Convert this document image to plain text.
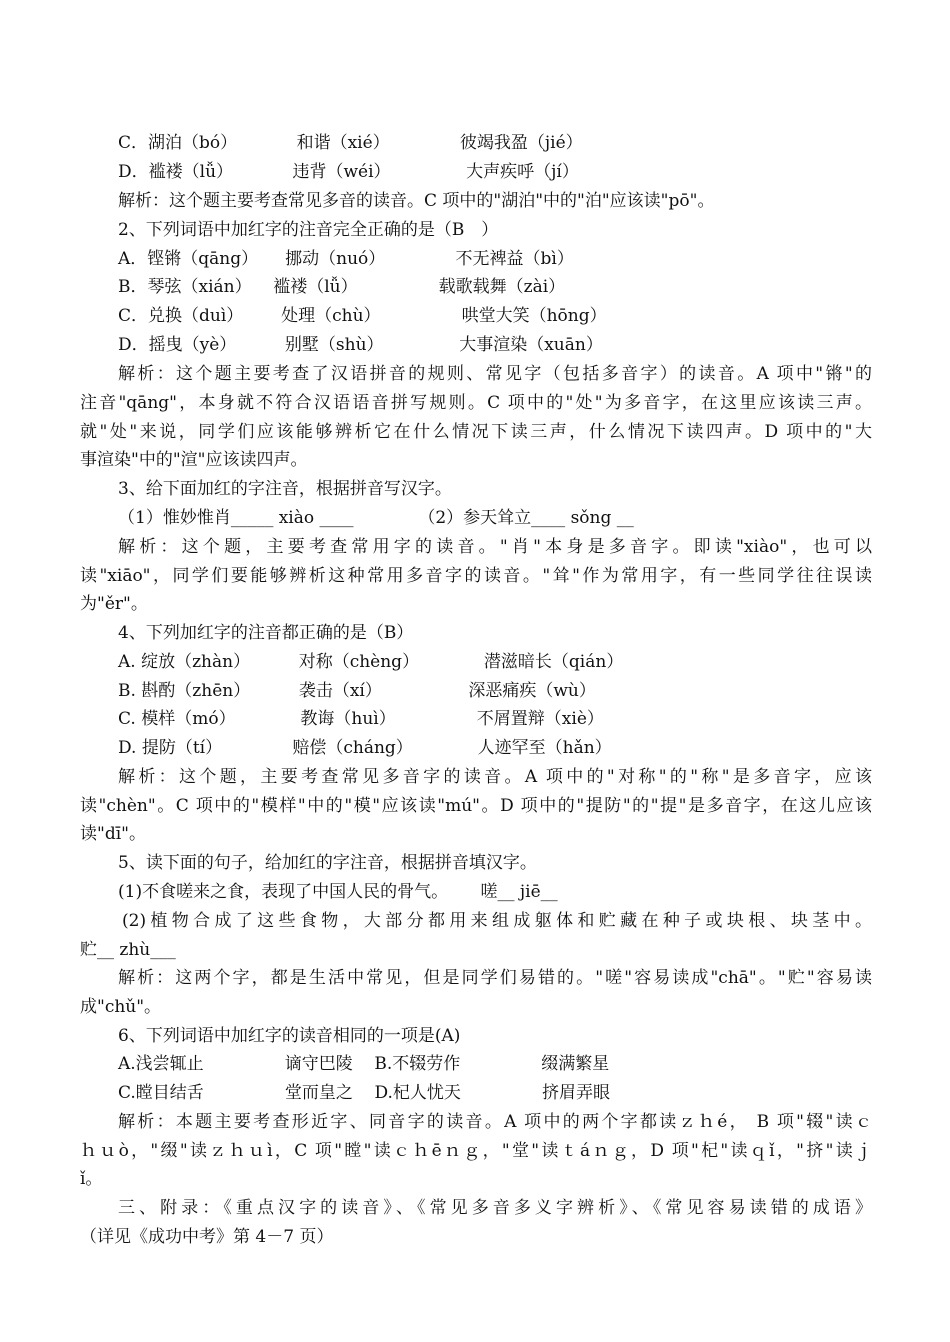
C．湖泊（bó）           和谐（xié）             彼竭我盈（jié）
D．褴褛（lǚ）           违背（wéi）              大声疾呼（jí）
解析：这个题主要考查常见多音的读音。C 项中的"湖泊"中的"泊"应该读"pō"。
2、下列词语中加红字的注音完全正确的是（B　）
A．铿锵（qāng）     挪动（nuó）             不无裨益（bì）
B．琴弦（xián）    褴褛（lǚ）               载歌载舞（zài）
C．兑换（duì）       处理（chù）               哄堂大笑（hōng）
D．摇曳（yè）         别墅（shù）              大事渲染（xuān）
解析：这个题主要考查了汉语拼音的规则、常见字（包括多音字）的读音。A 项中"锵"的
注音"qāng"，本身就不符合汉语语音拼写规则。C 项中的"处"为多音字，在这里应该读三声。
就"处"来说，同学们应该能够辨析它在什么情况下读三声，什么情况下读四声。D 项中的"大
事渲染"中的"渲"应该读四声。
3、给下面加红的字注音，根据拼音写汉字。
（1）惟妙惟肖_____ xiào ____            （2）参天耸立____ sǒng __
解析：这个题，主要考查常用字的读音。"肖"本身是多音字。即读"xiào"，也可以
读"xiāo"，同学们要能够辨析这种常用多音字的读音。"耸"作为常用字，有一些同学往往误读
为"ěr"。
4、下列加红字的注音都正确的是（B）
A. 绽放（zhàn）         对称（chèng）            潜滋暗长（qián）
B. 斟酌（zhēn）         袭击（xí）                深恶痛疾（wù）
C. 模样（mó）            教诲（huì）               不屑置辩（xiè）
D. 提防（tí）             赔偿（cháng）            人迹罕至（hǎn）
解析：这个题，主要考查常见多音字的读音。A 项中的"对称"的"称"是多音字，应该
读"chèn"。C 项中的"模样"中的"模"应该读"mú"。D 项中的"提防"的"提"是多音字，在这儿应该
读"dī"。
5、读下面的句子，给加红的字注音，根据拼音填汉字。
(1)不食嗟来之食，表现了中国人民的骨气。      嗟__ jiē__
(2)植物合成了这些食物，大部分都用来组成躯体和贮藏在种子或块根、块茎中。
贮__ zhù___
解析：这两个字，都是生活中常见，但是同学们易错的。"嗟"容易读成"chā"。"贮"容易读
成"chǔ"。
6、下列词语中加红字的读音相同的一项是(A)
A.浅尝辄止               谪守巴陵    B.不辍劳作               缀满繁星
C.瞠目结舌               堂而皇之    D.杞人忧天               挤眉弄眼
解析：本题主要考查形近字、同音字的读音。A 项中的两个字都读ｚｈé， B 项"辍"读ｃ
ｈｕò，"缀"读ｚｈｕì，C 项"瞠"读ｃｈēｎｇ，"堂"读ｔáｎｇ，D 项"杞"读ｑǐ，"挤"读ｊ
ǐ。
三、附录：《重点汉字的读音》、《常见多音多义字辨析》、《常见容易读错的成语》
（详见《成功中考》第 4－7 页）
